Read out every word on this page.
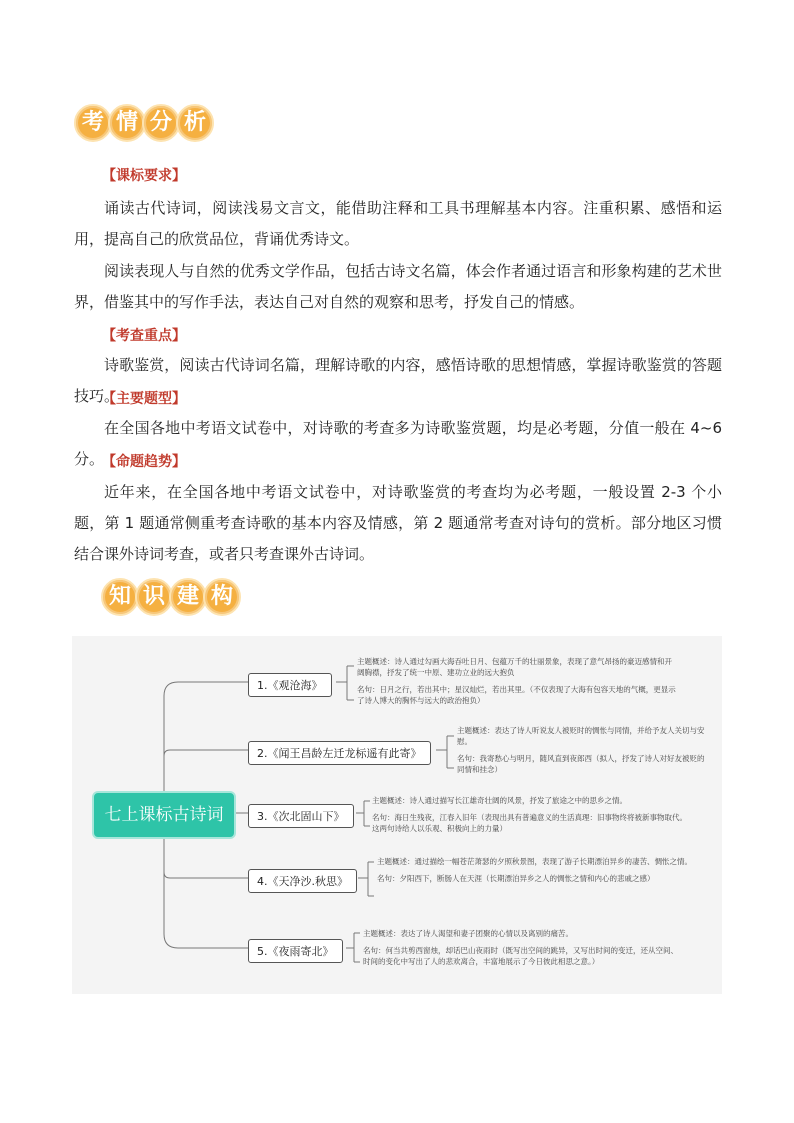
考 情 分 析
【课标要求】
诵读古代诗词，阅读浅易文言文，能借助注释和工具书理解基本内容。注重积累、感悟和运用，提高自己的欣赏品位，背诵优秀诗文。
阅读表现人与自然的优秀文学作品，包括古诗文名篇，体会作者通过语言和形象构建的艺术世界，借鉴其中的写作手法，表达自己对自然的观察和思考，抒发自己的情感。
【考查重点】
诗歌鉴赏，阅读古代诗词名篇，理解诗歌的内容，感悟诗歌的思想情感，掌握诗歌鉴赏的答题技巧。
【主要题型】
在全国各地中考语文试卷中，对诗歌的考查多为诗歌鉴赏题，均是必考题，分值一般在 4~6 分。
【命题趋势】
近年来，在全国各地中考语文试卷中，对诗歌鉴赏的考查均为必考题，一般设置 2-3 个小题，第 1 题通常侧重考查诗歌的基本内容及情感，第 2 题通常考查对诗句的赏析。部分地区习惯结合课外诗词考查，或者只考查课外古诗词。
知 识 建 构
七上课标古诗词
1.《观沧海》
2.《闻王昌龄左迁龙标遥有此寄》
3.《次北固山下》
4.《天净沙.秋思》
5.《夜雨寄北》

主题概述：诗人通过勾画大海吞吐日月、包蕴万千的壮丽景象，表现了意气昂扬的豪迈感情和开阔胸襟，抒发了统一中原、建功立业的远大抱负

名句：日月之行，若出其中；星汉灿烂，若出其里。（不仅表现了大海有包容天地的气概，更显示了诗人博大的胸怀与远大的政治抱负）

主题概述：表达了诗人听说友人被贬时的惆怅与同情，并给予友人关切与安慰。

名句：我寄愁心与明月，随风直到夜郎西（拟人，抒发了诗人对好友被贬的同情和挂念）

主题概述：诗人通过描写长江雄奇壮阔的风景，抒发了旅途之中的思乡之情。

名句：海日生残夜，江春入旧年（表现出具有普遍意义的生活真理：旧事物终将被新事物取代。这两句诗给人以乐观、积极向上的力量）

主题概述：通过描绘一幅苍茫萧瑟的夕照秋景图，表现了游子长期漂泊异乡的凄苦、惆怅之情。

名句：夕阳西下，断肠人在天涯（长期漂泊异乡之人的惆怅之情和内心的悲戚之感）

主题概述：表达了诗人渴望和妻子团聚的心情以及离别的痛苦。

名句：何当共剪西窗烛，却话巴山夜雨时（既写出空间的跳异，又写出时间的变迁，还从空间、时间的变化中写出了人的悲欢离合，丰富地展示了今日彼此相思之意。）
